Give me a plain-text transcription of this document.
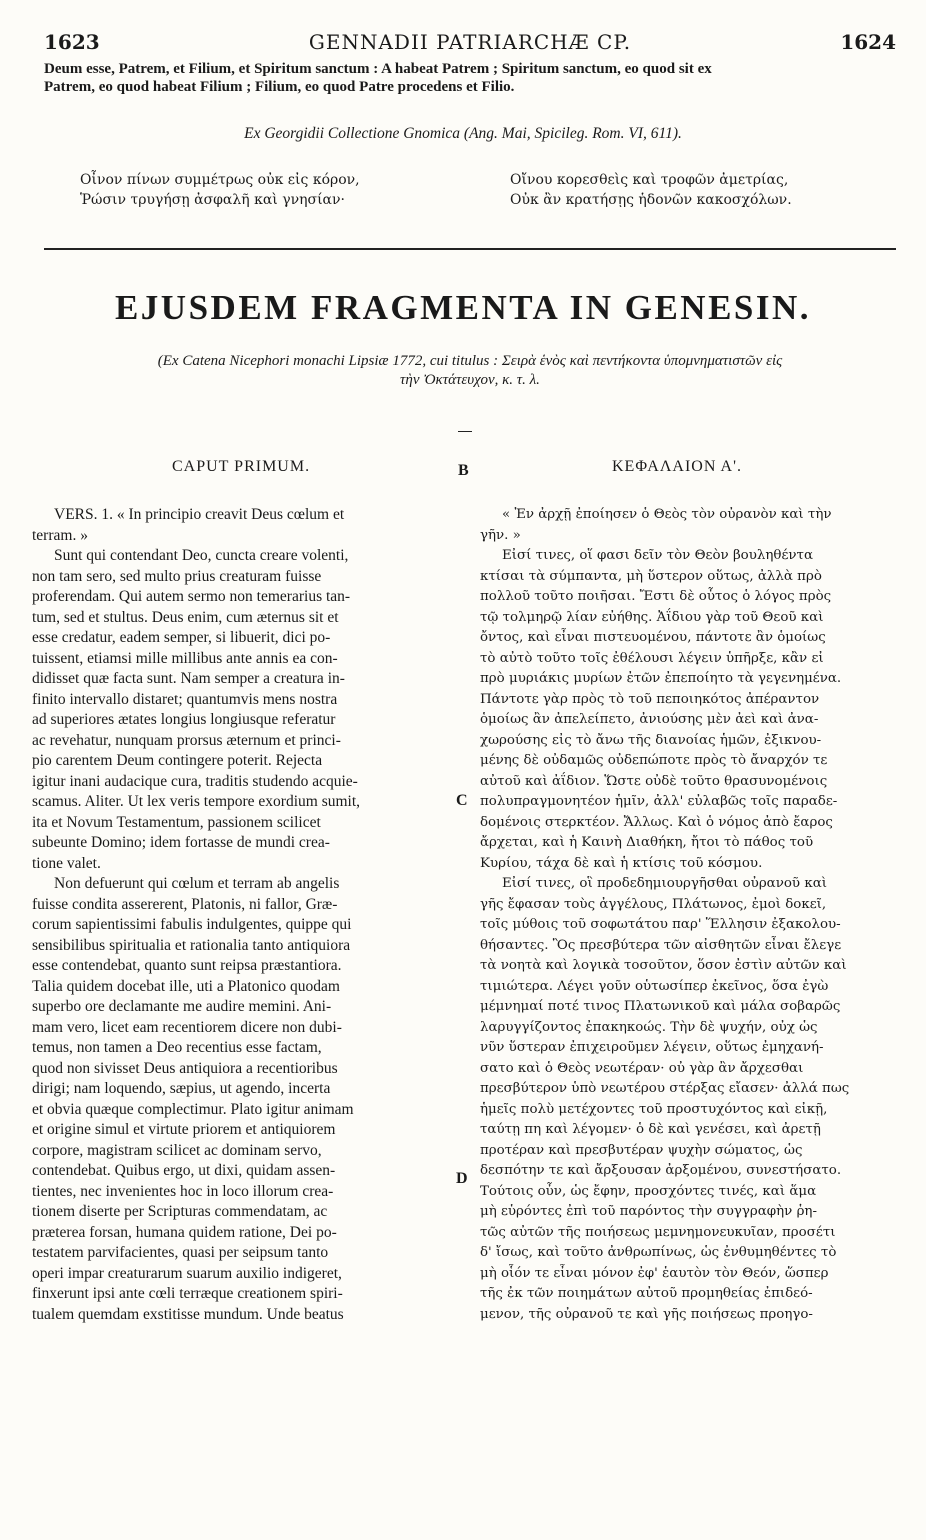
1623	GENNADII PATRIARCHÆ CP.	1624
Deum esse, Patrem, et Filium, et Spiritum sanctum : A habeat Patrem ; Spiritum sanctum, eo quod sit ex
Patrem, eo quod habeat Filium ; Filium, eo quod Patre procedens et Filio.
Ex Georgidii Collectione Gnomica (Ang. Mai, Spicileg. Rom. VI, 611).
Οἶνον πίνων συμμέτρως οὐκ εἰς κόρον,
Ῥώσιν τρυγήσῃ ἀσφαλῆ καὶ γνησίαν·
Οἴνου κορεσθεὶς καὶ τροφῶν ἀμετρίας,
Οὐκ ἂν κρατήσῃς ἡδονῶν κακοσχόλων.
EJUSDEM FRAGMENTA IN GENESIN.
(Ex Catena Nicephori monachi Lipsiæ 1772, cui titulus : Σειρὰ ἑνὸς καὶ πεντήκοντα ὑπομνηματιστῶν εἰς
τὴν Ὀκτάτευχον, κ. τ. λ.
CAPUT PRIMUM.	B	ΚΕΦΑΛΑΙΟΝ Α'.
C
D
VERS. 1. « In principio creavit Deus cœlum et
terram. »
Sunt qui contendant Deo, cuncta creare volenti,
non tam sero, sed multo prius creaturam fuisse
proferendam. Qui autem sermo non temerarius tan-
tum, sed et stultus. Deus enim, cum æternus sit et
esse credatur, eadem semper, si libuerit, dici po-
tuissent, etiamsi mille millibus ante annis ea con-
didisset quæ facta sunt. Nam semper a creatura in-
finito intervallo distaret; quantumvis mens nostra
ad superiores ætates longius longiusque referatur
ac revehatur, nunquam prorsus æternum et princi-
pio carentem Deum contingere poterit. Rejecta
igitur inani audacique cura, traditis studendo acquie-
scamus. Aliter. Ut lex veris tempore exordium sumit,
ita et Novum Testamentum, passionem scilicet
subeunte Domino; idem fortasse de mundi crea-
tione valet.
Non defuerunt qui cœlum et terram ab angelis
fuisse condita assererent, Platonis, ni fallor, Græ-
corum sapientissimi fabulis indulgentes, quippe qui
sensibilibus spiritualia et rationalia tanto antiquiora
esse contendebat, quanto sunt reipsa præstantiora.
Talia quidem docebat ille, uti a Platonico quodam
superbo ore declamante me audire memini. Ani-
mam vero, licet eam recentiorem dicere non dubi-
temus, non tamen a Deo recentius esse factam,
quod non sivisset Deus antiquiora a recentioribus
dirigi; nam loquendo, sæpius, ut agendo, incerta
et obvia quæque complectimur. Plato igitur animam
et origine simul et virtute priorem et antiquiorem
corpore, magistram scilicet ac dominam servo,
contendebat. Quibus ergo, ut dixi, quidam assen-
tientes, nec invenientes hoc in loco illorum crea-
tionem diserte per Scripturas commendatam, ac
præterea forsan, humana quidem ratione, Dei po-
testatem parvifacientes, quasi per seipsum tanto
operi impar creaturarum suarum auxilio indigeret,
finxerunt ipsi ante cœli terræque creationem spiri-
tualem quemdam exstitisse mundum. Unde beatus
« Ἐν ἀρχῇ ἐποίησεν ὁ Θεὸς τὸν οὐρανὸν καὶ τὴν
γῆν. »
Εἰσί τινες, οἵ φασι δεῖν τὸν Θεὸν βουληθέντα
κτίσαι τὰ σύμπαντα, μὴ ὕστερον οὕτως, ἀλλὰ πρὸ
πολλοῦ τοῦτο ποιῆσαι. Ἔστι δὲ οὗτος ὁ λόγος πρὸς
τῷ τολμηρῷ λίαν εὐήθης. Ἀΐδιου γὰρ τοῦ Θεοῦ καὶ
ὄντος, καὶ εἶναι πιστευομένου, πάντοτε ἂν ὁμοίως
τὸ αὐτὸ τοῦτο τοῖς ἐθέλουσι λέγειν ὑπῆρξε, κἂν εἰ
πρὸ μυριάκις μυρίων ἐτῶν ἐπεποίητο τὰ γεγενημένα.
Πάντοτε γὰρ πρὸς τὸ τοῦ πεποιηκότος ἀπέραντον
ὁμοίως ἂν ἀπελείπετο, ἀνιούσης μὲν ἀεὶ καὶ ἀνα-
χωρούσης εἰς τὸ ἄνω τῆς διανοίας ἡμῶν, ἐξικνου-
μένης δὲ οὐδαμῶς οὐδεπώποτε πρὸς τὸ ἄναρχόν τε
αὐτοῦ καὶ ἀΐδιον. Ὥστε οὐδὲ τοῦτο θρασυνομένοις
πολυπραγμονητέον ἡμῖν, ἀλλ' εὐλαβῶς τοῖς παραδε-
δομένοις στερκτέον. Ἄλλως. Καὶ ὁ νόμος ἀπὸ ἔαρος
ἄρχεται, καὶ ἡ Καινὴ Διαθήκη, ἤτοι τὸ πάθος τοῦ
Κυρίου, τάχα δὲ καὶ ἡ κτίσις τοῦ κόσμου.
Εἰσί τινες, οἳ προδεδημιουργῆσθαι οὐρανοῦ καὶ
γῆς ἔφασαν τοὺς ἀγγέλους, Πλάτωνος, ἐμοὶ δοκεῖ,
τοῖς μύθοις τοῦ σοφωτάτου παρ' Ἕλλησιν ἐξακολου-
θήσαντες. Ὃς πρεσβύτερα τῶν αἰσθητῶν εἶναι ἔλεγε
τὰ νοητὰ καὶ λογικὰ τοσοῦτον, ὅσον ἐστὶν αὐτῶν καὶ
τιμιώτερα. Λέγει γοῦν οὑτωσίπερ ἐκεῖνος, ὅσα ἐγὼ
μέμνημαί ποτέ τινος Πλατωνικοῦ καὶ μάλα σοβαρῶς
λαρυγγίζοντος ἐπακηκοώς. Τὴν δὲ ψυχήν, οὐχ ὡς
νῦν ὕστεραν ἐπιχειροῦμεν λέγειν, οὕτως ἐμηχανή-
σατο καὶ ὁ Θεὸς νεωτέραν· οὐ γὰρ ἂν ἄρχεσθαι
πρεσβύτερον ὑπὸ νεωτέρου στέρξας εἴασεν· ἀλλά πως
ἡμεῖς πολὺ μετέχοντες τοῦ προστυχόντος καὶ εἰκῇ,
ταύτῃ πη καὶ λέγομεν· ὁ δὲ καὶ γενέσει, καὶ ἀρετῇ
προτέραν καὶ πρεσβυτέραν ψυχὴν σώματος, ὡς
δεσπότην τε καὶ ἄρξουσαν ἀρξομένου, συνεστήσατο.
Τούτοις οὖν, ὡς ἔφην, προσχόντες τινές, καὶ ἅμα
μὴ εὑρόντες ἐπὶ τοῦ παρόντος τὴν συγγραφὴν ῥη-
τῶς αὐτῶν τῆς ποιήσεως μεμνημονευκυῖαν, προσέτι
δ' ἴσως, καὶ τοῦτο ἀνθρωπίνως, ὡς ἐνθυμηθέντες τὸ
μὴ οἷόν τε εἶναι μόνον ἐφ' ἑαυτὸν τὸν Θεόν, ὥσπερ
τῆς ἐκ τῶν ποιημάτων αὐτοῦ προμηθείας ἐπιδεό-
μενον, τῆς οὐρανοῦ τε καὶ γῆς ποιήσεως προηγο-
